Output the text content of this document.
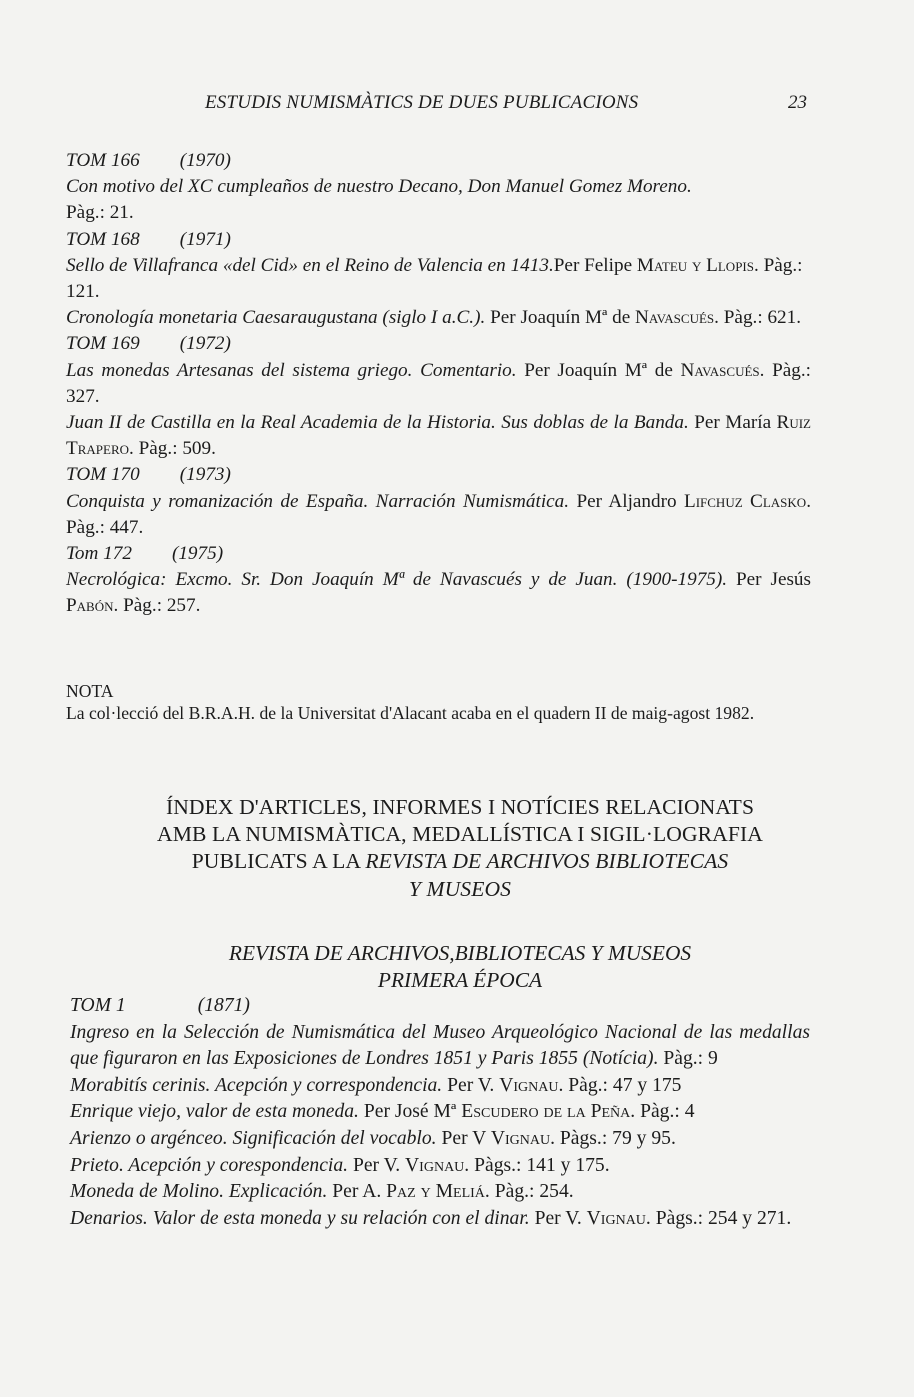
ESTUDIS NUMISMÀTICS DE DUES PUBLICACIONS	23

TOM 166 (1970)

Con motivo del XC cumpleaños de nuestro Decano, Don Manuel Gomez Moreno.
Pàg.: 21.

TOM 168 (1971)

Sello de Villafranca «del Cid» en el Reino de Valencia en 1413.Per Felipe Mateu y Llopis. Pàg.: 121.

Cronología monetaria Caesaraugustana (siglo I a.C.). Per Joaquín Mª de Navascués. Pàg.: 621.

TOM 169 (1972)

Las monedas Artesanas del sistema griego. Comentario. Per Joaquín Mª de Navascués. Pàg.: 327.

Juan II de Castilla en la Real Academia de la Historia. Sus doblas de la Banda. Per María Ruiz Trapero. Pàg.: 509.

TOM 170 (1973)

Conquista y romanización de España. Narración Numismática. Per Aljandro Lifchuz Clasko. Pàg.: 447.

Tom 172 (1975)

Necrológica: Excmo. Sr. Don Joaquín Mª de Navascués y de Juan. (1900-1975). Per Jesús Pabón. Pàg.: 257.

NOTA

La col·lecció del B.R.A.H. de la Universitat d'Alacant acaba en el quadern II de maig-agost 1982.

ÍNDEX D'ARTICLES, INFORMES I NOTÍCIES RELACIONATS

AMB LA NUMISMÀTICA, MEDALLÍSTICA I SIGIL·LOGRAFIA

PUBLICATS A LA REVISTA DE ARCHIVOS BIBLIOTECAS

Y MUSEOS

REVISTA DE ARCHIVOS,BIBLIOTECAS Y MUSEOS

PRIMERA ÉPOCA

TOM 1	(1871)

Ingreso en la Selección de Numismática del Museo Arqueológico Nacional de las medallas que figuraron en las Exposiciones de Londres 1851 y Paris 1855 (Notícia). Pàg.: 9

Morabitís cerinis. Acepción y correspondencia. Per V. Vignau. Pàg.: 47 y 175

Enrique viejo, valor de esta moneda. Per José Mª Escudero de la Peña. Pàg.: 4

Arienzo o argénceo. Significación del vocablo. Per V Vignau. Pàgs.: 79 y 95.

Prieto. Acepción y corespondencia. Per V. Vignau. Pàgs.: 141 y 175.

Moneda de Molino. Explicación. Per A. Paz y Meliá. Pàg.: 254.

Denarios. Valor de esta moneda y su relación con el dinar. Per V. Vignau. Pàgs.: 254 y 271.
